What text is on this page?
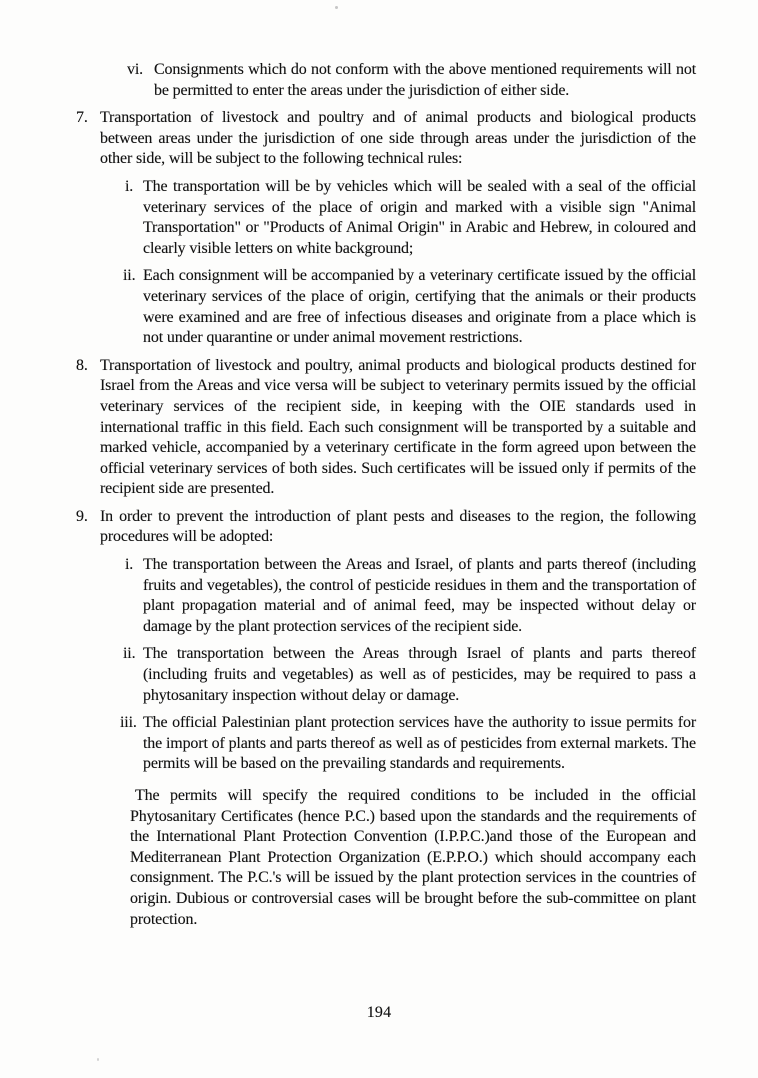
vi. Consignments which do not conform with the above mentioned requirements will not be permitted to enter the areas under the jurisdiction of either side.
7. Transportation of livestock and poultry and of animal products and biological products between areas under the jurisdiction of one side through areas under the jurisdiction of the other side, will be subject to the following technical rules:
i. The transportation will be by vehicles which will be sealed with a seal of the official veterinary services of the place of origin and marked with a visible sign "Animal Transportation" or "Products of Animal Origin" in Arabic and Hebrew, in coloured and clearly visible letters on white background;
ii. Each consignment will be accompanied by a veterinary certificate issued by the official veterinary services of the place of origin, certifying that the animals or their products were examined and are free of infectious diseases and originate from a place which is not under quarantine or under animal movement restrictions.
8. Transportation of livestock and poultry, animal products and biological products destined for Israel from the Areas and vice versa will be subject to veterinary permits issued by the official veterinary services of the recipient side, in keeping with the OIE standards used in international traffic in this field. Each such consignment will be transported by a suitable and marked vehicle, accompanied by a veterinary certificate in the form agreed upon between the official veterinary services of both sides. Such certificates will be issued only if permits of the recipient side are presented.
9. In order to prevent the introduction of plant pests and diseases to the region, the following procedures will be adopted:
i. The transportation between the Areas and Israel, of plants and parts thereof (including fruits and vegetables), the control of pesticide residues in them and the transportation of plant propagation material and of animal feed, may be inspected without delay or damage by the plant protection services of the recipient side.
ii. The transportation between the Areas through Israel of plants and parts thereof (including fruits and vegetables) as well as of pesticides, may be required to pass a phytosanitary inspection without delay or damage.
iii. The official Palestinian plant protection services have the authority to issue permits for the import of plants and parts thereof as well as of pesticides from external markets. The permits will be based on the prevailing standards and requirements.
The permits will specify the required conditions to be included in the official Phytosanitary Certificates (hence P.C.) based upon the standards and the requirements of the International Plant Protection Convention (I.P.P.C.)and those of the European and Mediterranean Plant Protection Organization (E.P.P.O.) which should accompany each consignment. The P.C.'s will be issued by the plant protection services in the countries of origin. Dubious or controversial cases will be brought before the sub-committee on plant protection.
194
